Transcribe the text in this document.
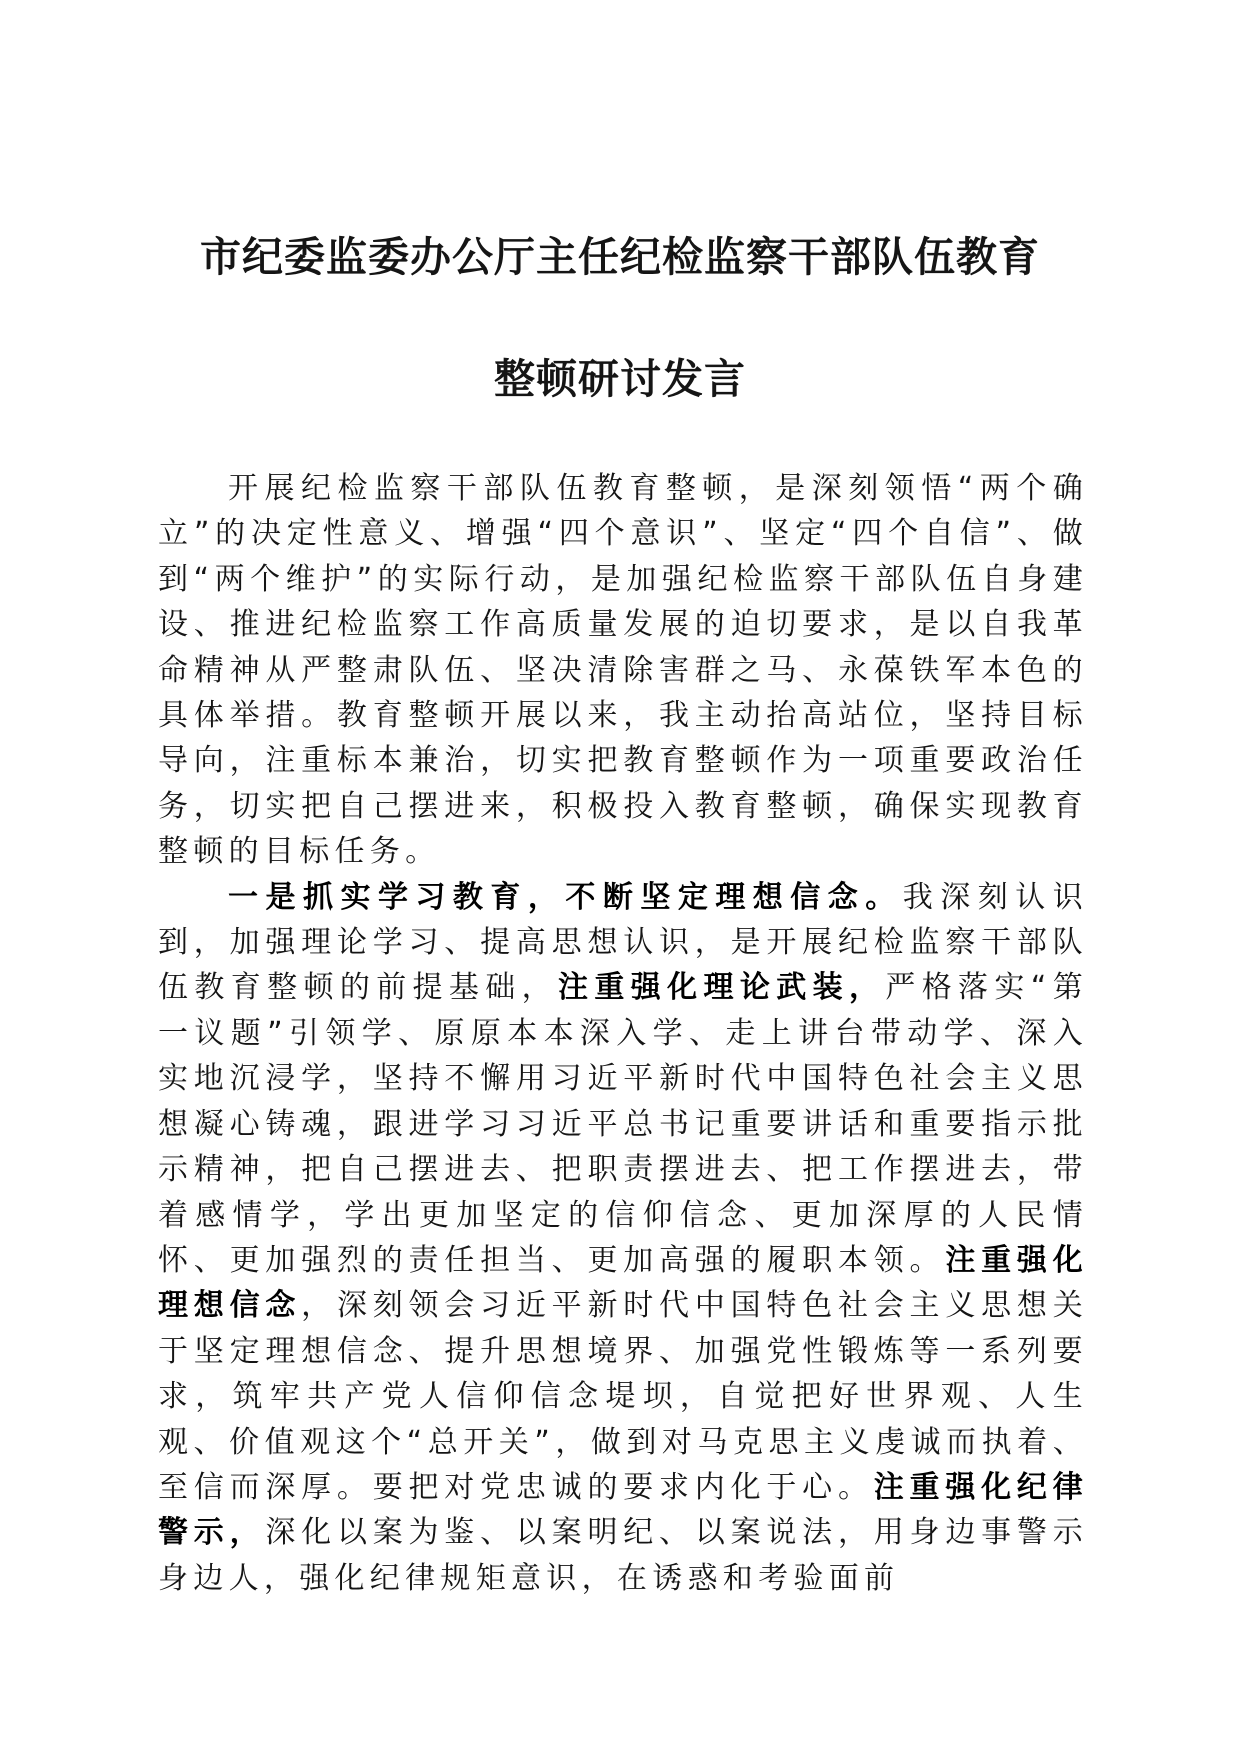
市纪委监委办公厅主任纪检监察干部队伍教育
整顿研讨发言

开展纪检监察干部队伍教育整顿，是深刻领悟“两个确立”的决定性意义、增强“四个意识”、坚定“四个自信”、做到“两个维护”的实际行动，是加强纪检监察干部队伍自身建设、推进纪检监察工作高质量发展的迫切要求，是以自我革命精神从严整肃队伍、坚决清除害群之马、永葆铁军本色的具体举措。教育整顿开展以来，我主动抬高站位，坚持目标导向，注重标本兼治，切实把教育整顿作为一项重要政治任务，切实把自己摆进来，积极投入教育整顿，确保实现教育整顿的目标任务。

一是抓实学习教育，不断坚定理想信念。我深刻认识到，加强理论学习、提高思想认识，是开展纪检监察干部队伍教育整顿的前提基础，注重强化理论武装，严格落实“第一议题”引领学、原原本本深入学、走上讲台带动学、深入实地沉浸学，坚持不懈用习近平新时代中国特色社会主义思想凝心铸魂，跟进学习习近平总书记重要讲话和重要指示批示精神，把自己摆进去、把职责摆进去、把工作摆进去，带着感情学，学出更加坚定的信仰信念、更加深厚的人民情怀、更加强烈的责任担当、更加高强的履职本领。注重强化理想信念，深刻领会习近平新时代中国特色社会主义思想关于坚定理想信念、提升思想境界、加强党性锻炼等一系列要求，筑牢共产党人信仰信念堤坝，自觉把好世界观、人生观、价值观这个“总开关”，做到对马克思主义虔诚而执着、至信而深厚。要把对党忠诚的要求内化于心。注重强化纪律警示，深化以案为鉴、以案明纪、以案说法，用身边事警示身边人，强化纪律规矩意识，在诱惑和考验面前
